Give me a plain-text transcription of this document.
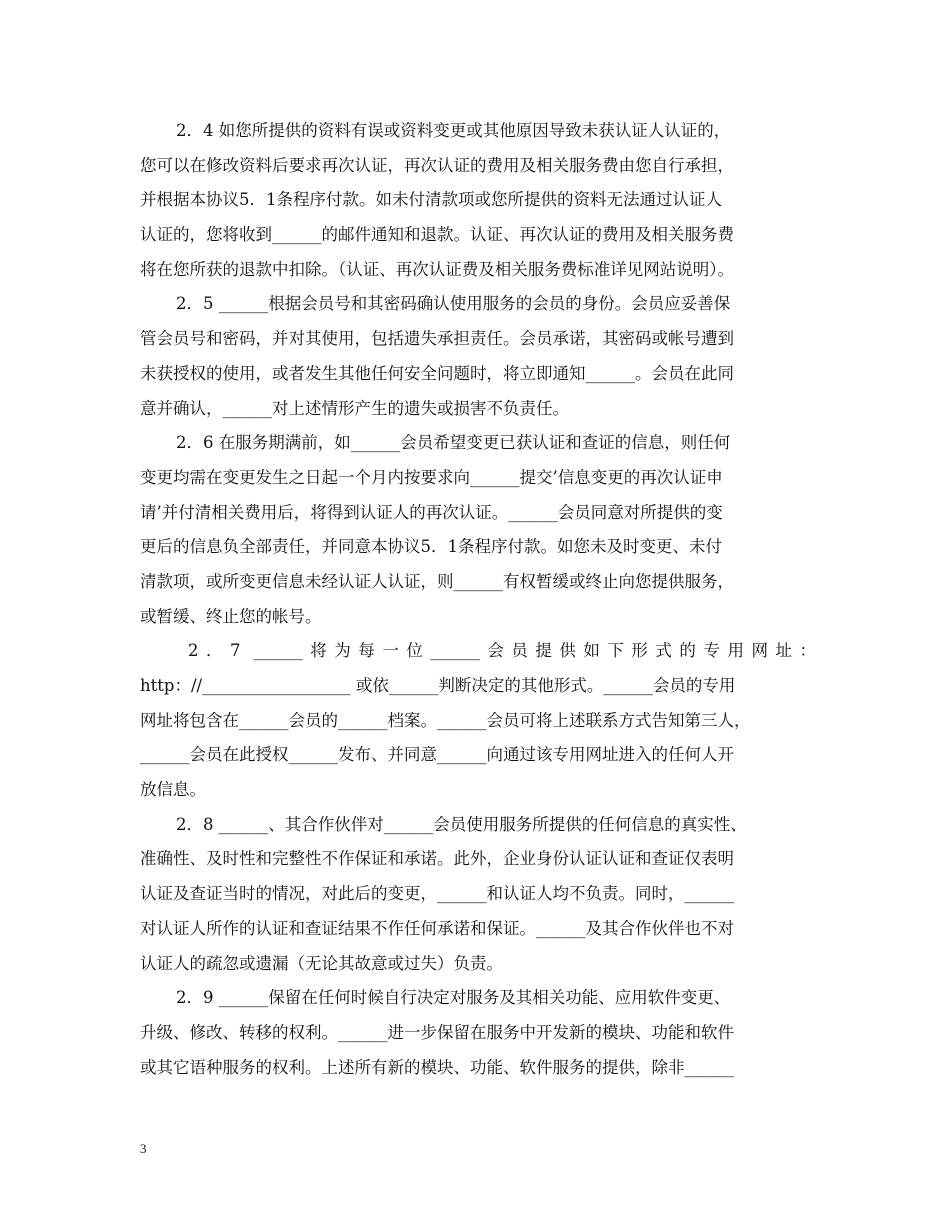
2．4 如您所提供的资料有误或资料变更或其他原因导致未获认证人认证的，
您可以在修改资料后要求再次认证，再次认证的费用及相关服务费由您自行承担，
并根据本协议5．1条程序付款。如未付清款项或您所提供的资料无法通过认证人
认证的，您将收到______的邮件通知和退款。认证、再次认证的费用及相关服务费
将在您所获的退款中扣除。（认证、再次认证费及相关服务费标准详见网站说明）。
2．5 ______根据会员号和其密码确认使用服务的会员的身份。会员应妥善保
管会员号和密码，并对其使用，包括遗失承担责任。会员承诺，其密码或帐号遭到
未获授权的使用，或者发生其他任何安全问题时，将立即通知______。会员在此同
意并确认，______对上述情形产生的遗失或损害不负责任。
2．6 在服务期满前，如______会员希望变更已获认证和查证的信息，则任何
变更均需在变更发生之日起一个月内按要求向______提交’信息变更的再次认证申
请’并付清相关费用后，将得到认证人的再次认证。______会员同意对所提供的变
更后的信息负全部责任，并同意本协议5．1条程序付款。如您未及时变更、未付
清款项，或所变更信息未经认证人认证，则______有权暂缓或终止向您提供服务，
或暂缓、终止您的帐号。
2．7 ______将为每一位______会员提供如下形式的专用网址：
http：//__________________ 或依______判断决定的其他形式。______会员的专用
网址将包含在______会员的______档案。______会员可将上述联系方式告知第三人，
______会员在此授权______发布、并同意______向通过该专用网址进入的任何人开
放信息。
2．8 ______、其合作伙伴对______会员使用服务所提供的任何信息的真实性、
准确性、及时性和完整性不作保证和承诺。此外，企业身份认证认证和查证仅表明
认证及查证当时的情况，对此后的变更，______和认证人均不负责。同时，______
对认证人所作的认证和查证结果不作任何承诺和保证。______及其合作伙伴也不对
认证人的疏忽或遗漏（无论其故意或过失）负责。
2．9 ______保留在任何时候自行决定对服务及其相关功能、应用软件变更、
升级、修改、转移的权利。______进一步保留在服务中开发新的模块、功能和软件
或其它语种服务的权利。上述所有新的模块、功能、软件服务的提供，除非______
3
